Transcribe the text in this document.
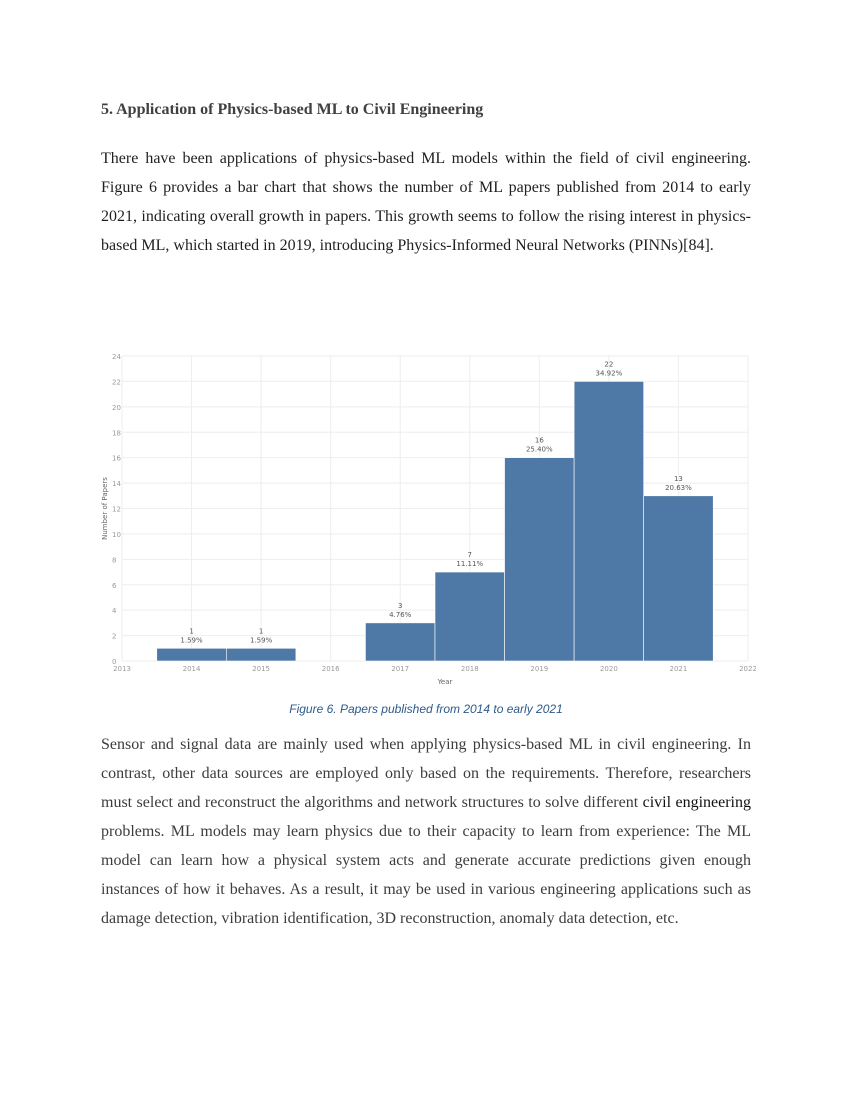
5. Application of Physics-based ML to Civil Engineering

There have been applications of physics-based ML models within the field of civil engineering. Figure 6 provides a bar chart that shows the number of ML papers published from 2014 to early 2021, indicating overall growth in papers. This growth seems to follow the rising interest in physics-based ML, which started in 2019, introducing Physics-Informed Neural Networks (PINNs)[84].

0
2
4
6
8
10
12
14
16
18
20
22
24
2013	2014	2015	2016	2017	2018	2019	2020	2021	2022
1
1.59%
1
1.59%
3
4.76%
7
11.11%
16
25.40%
22
34.92%
13
20.63%
Year
Number of Papers
Figure 6. Papers published from 2014 to early 2021

Sensor and signal data are mainly used when applying physics-based ML in civil engineering. In contrast, other data sources are employed only based on the requirements. Therefore, researchers must select and reconstruct the algorithms and network structures to solve different civil engineering problems. ML models may learn physics due to their capacity to learn from experience: The ML model can learn how a physical system acts and generate accurate predictions given enough instances of how it behaves. As a result, it may be used in various engineering applications such as damage detection, vibration identification, 3D reconstruction, anomaly data detection, etc.
